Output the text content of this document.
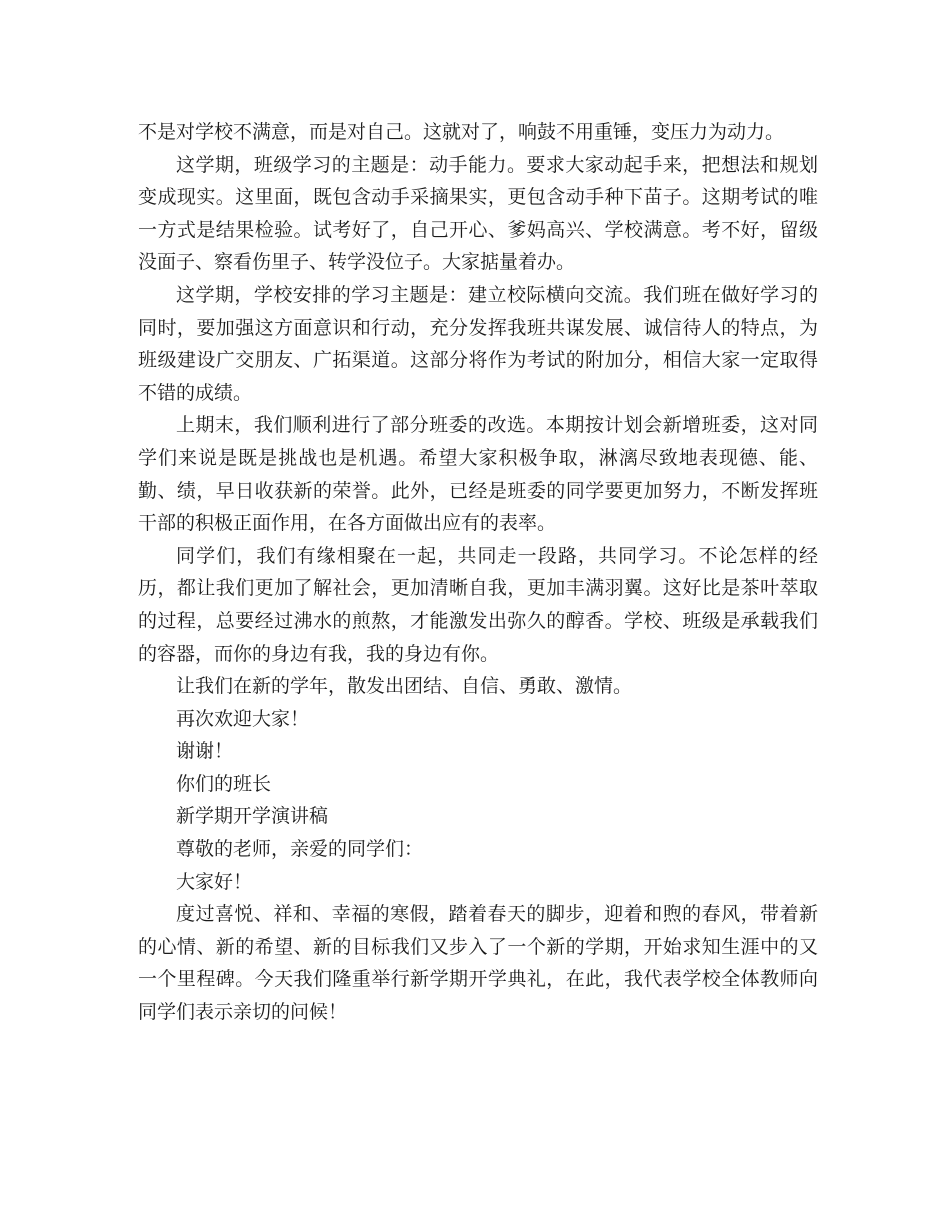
不是对学校不满意，而是对自己。这就对了，响鼓不用重锤，变压力为动力。

这学期，班级学习的主题是：动手能力。要求大家动起手来，把想法和规划变成现实。这里面，既包含动手采摘果实，更包含动手种下苗子。这期考试的唯一方式是结果检验。试考好了，自己开心、爹妈高兴、学校满意。考不好，留级没面子、察看伤里子、转学没位子。大家掂量着办。

这学期，学校安排的学习主题是：建立校际横向交流。我们班在做好学习的同时，要加强这方面意识和行动，充分发挥我班共谋发展、诚信待人的特点，为班级建设广交朋友、广拓渠道。这部分将作为考试的附加分，相信大家一定取得不错的成绩。

上期末，我们顺利进行了部分班委的改选。本期按计划会新增班委，这对同学们来说是既是挑战也是机遇。希望大家积极争取，淋漓尽致地表现德、能、勤、绩，早日收获新的荣誉。此外，已经是班委的同学要更加努力，不断发挥班干部的积极正面作用，在各方面做出应有的表率。

同学们，我们有缘相聚在一起，共同走一段路，共同学习。不论怎样的经历，都让我们更加了解社会，更加清晰自我，更加丰满羽翼。这好比是茶叶萃取的过程，总要经过沸水的煎熬，才能激发出弥久的醇香。学校、班级是承载我们的容器，而你的身边有我，我的身边有你。

让我们在新的学年，散发出团结、自信、勇敢、激情。

再次欢迎大家！

谢谢！

你们的班长

新学期开学演讲稿

尊敬的老师，亲爱的同学们：

大家好！

度过喜悦、祥和、幸福的寒假，踏着春天的脚步，迎着和煦的春风，带着新的心情、新的希望、新的目标我们又步入了一个新的学期，开始求知生涯中的又一个里程碑。今天我们隆重举行新学期开学典礼，在此，我代表学校全体教师向同学们表示亲切的问候！
